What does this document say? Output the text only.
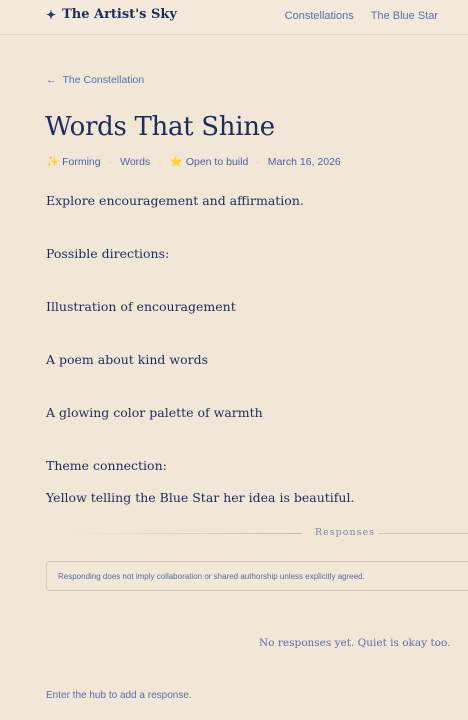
✦ The Artist's Sky	Constellations The Blue Star
← The Constellation
Words That Shine
✨ Forming · Words · ⭐ Open to build · March 16, 2026
Explore encouragement and affirmation.
Possible directions:
Illustration of encouragement
A poem about kind words
A glowing color palette of warmth
Theme connection:
Yellow telling the Blue Star her idea is beautiful.
Responses
Responding does not imply collaboration or shared authorship unless explicitly agreed.
No responses yet. Quiet is okay too.
Enter the hub to add a response.
